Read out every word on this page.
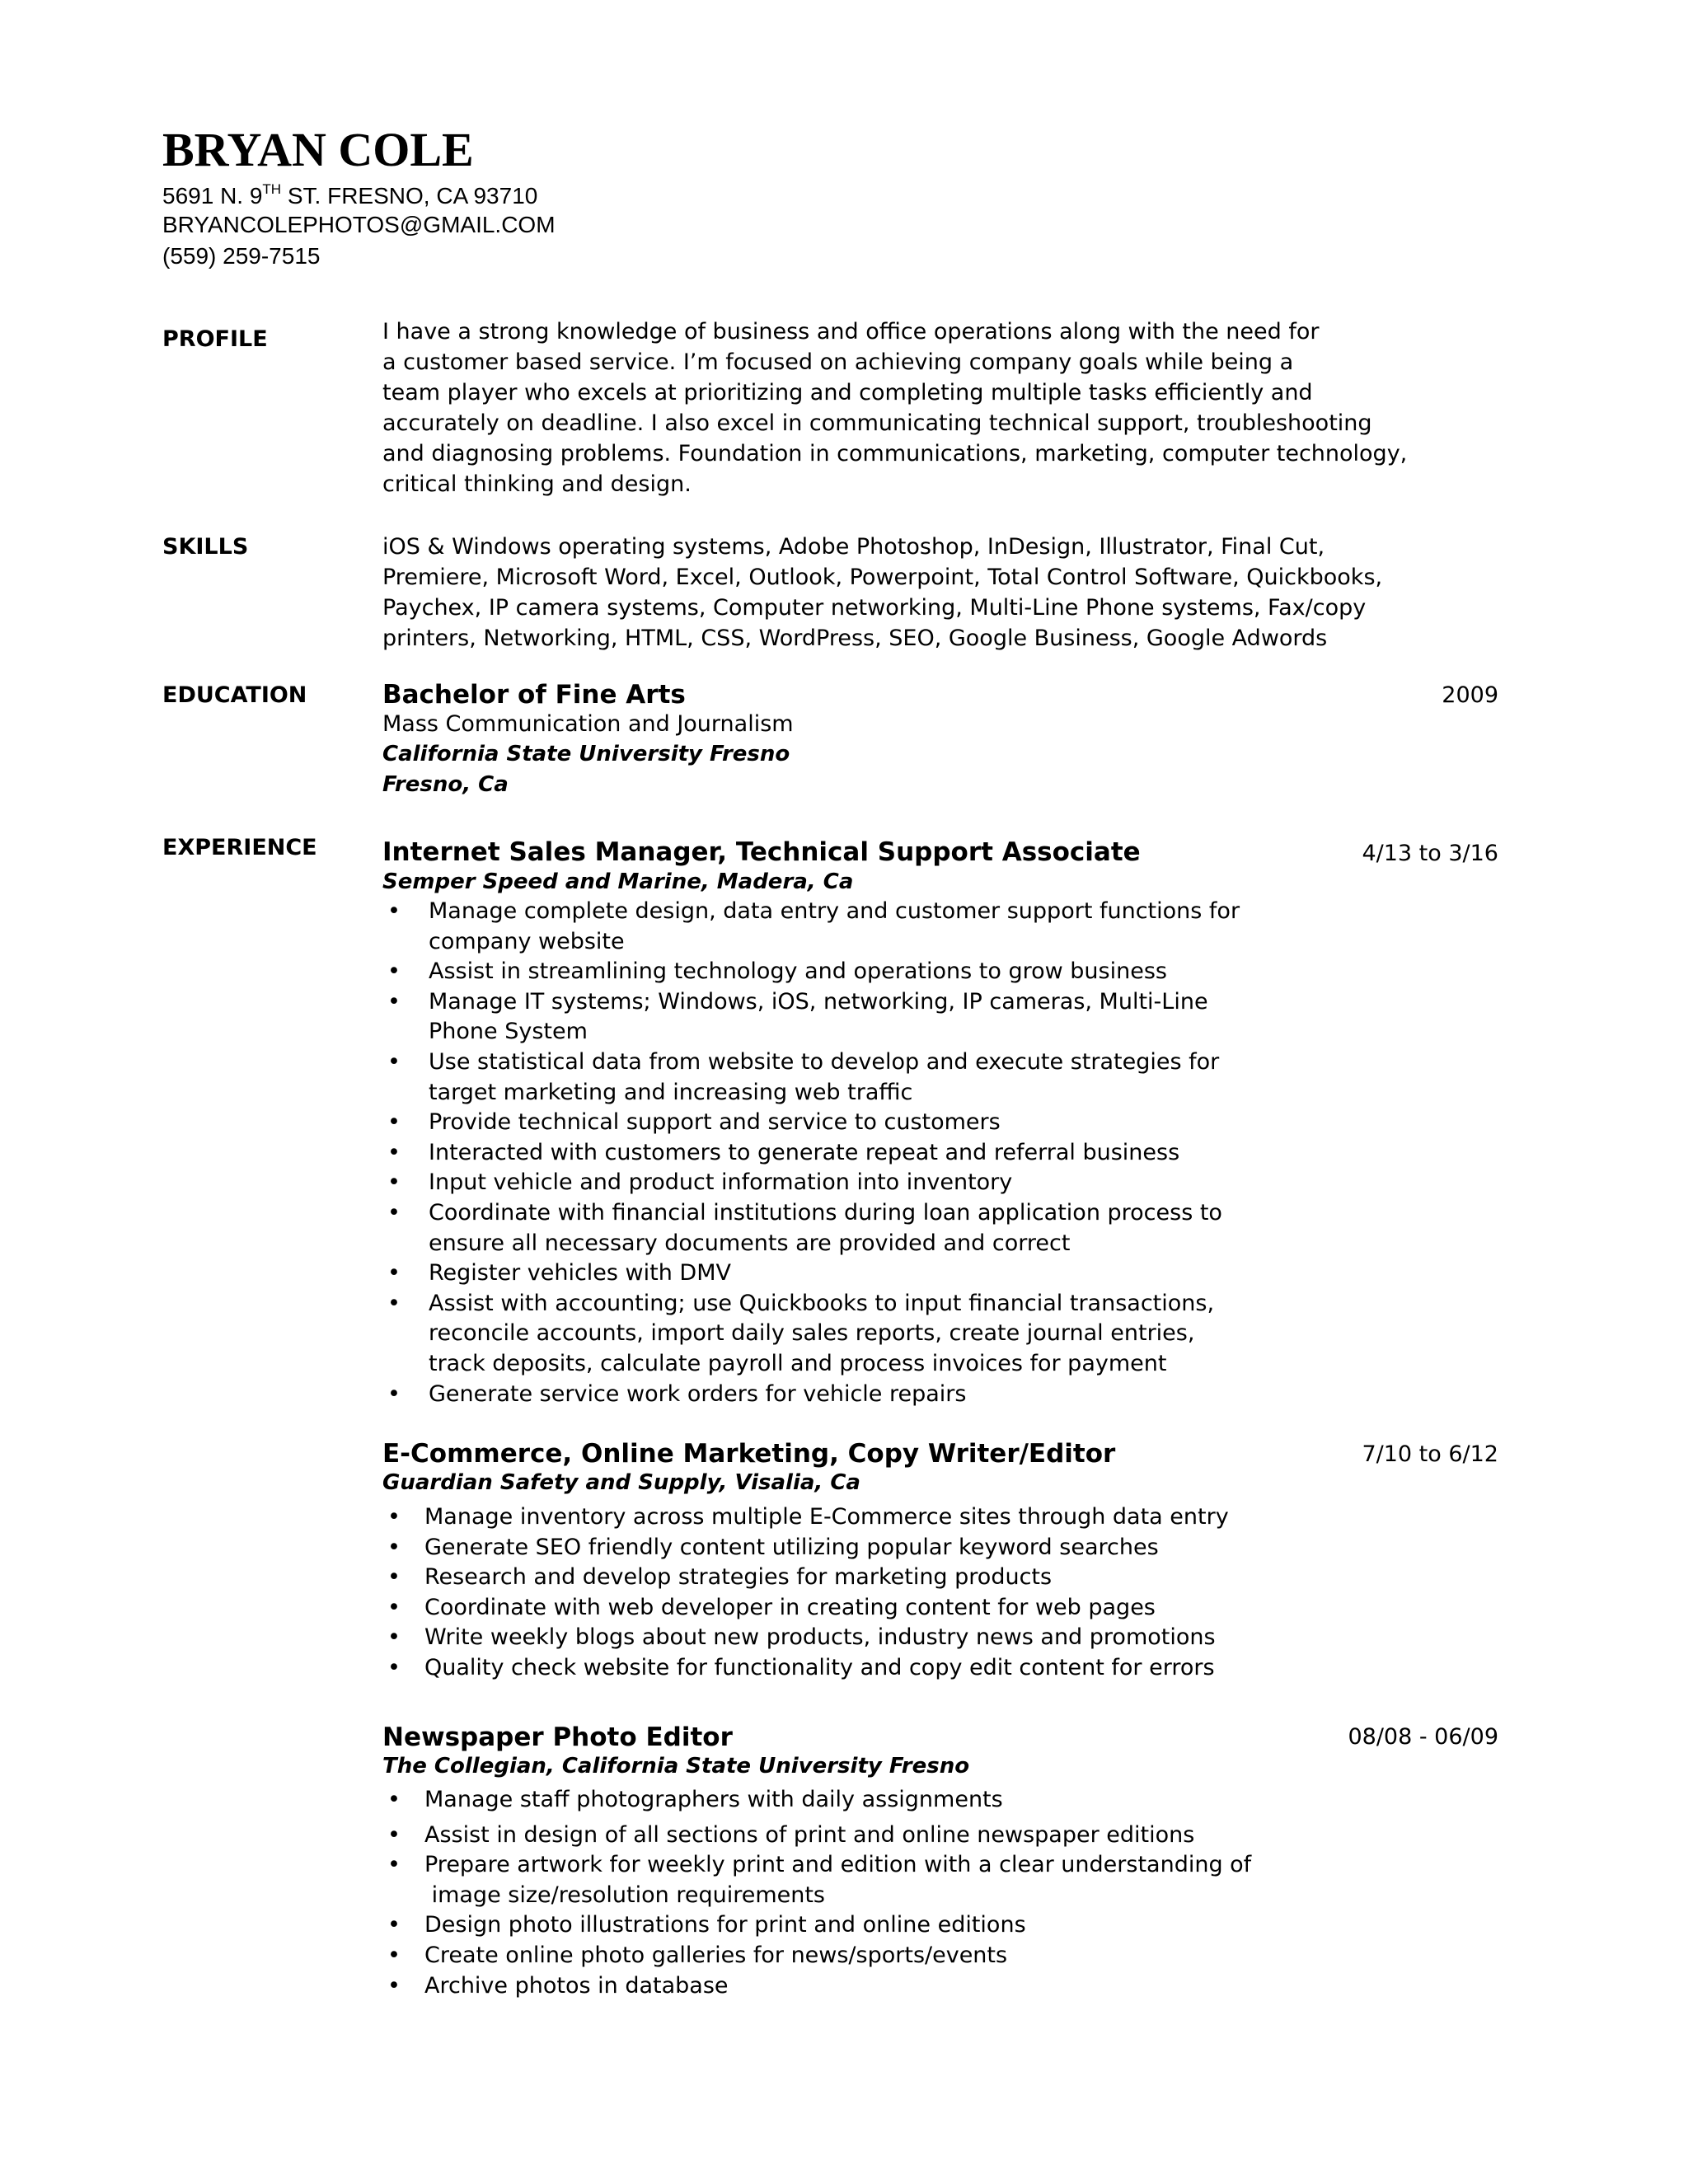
BRYAN COLE
5691 N. 9TH ST. FRESNO, CA 93710
BRYANCOLEPHOTOS@GMAIL.COM
(559) 259-7515
PROFILE	I have a strong knowledge of business and office operations along with the need for
a customer based service. I’m focused on achieving company goals while being a
team player who excels at prioritizing and completing multiple tasks efficiently and
accurately on deadline. I also excel in communicating technical support, troubleshooting
and diagnosing problems. Foundation in communications, marketing, computer technology,
critical thinking and design.
SKILLS	iOS & Windows operating systems, Adobe Photoshop, InDesign, Illustrator, Final Cut,
Premiere, Microsoft Word, Excel, Outlook, Powerpoint, Total Control Software, Quickbooks,
Paychex, IP camera systems, Computer networking, Multi-Line Phone systems, Fax/copy
printers, Networking, HTML, CSS, WordPress, SEO, Google Business, Google Adwords
EDUCATION	Bachelor of Fine Arts	2009
Mass Communication and Journalism
California State University Fresno
Fresno, Ca
EXPERIENCE	Internet Sales Manager, Technical Support Associate	4/13 to 3/16
Semper Speed and Marine, Madera, Ca
• Manage complete design, data entry and customer support functions for
company website
• Assist in streamlining technology and operations to grow business
• Manage IT systems; Windows, iOS, networking, IP cameras, Multi-Line
Phone System
• Use statistical data from website to develop and execute strategies for
target marketing and increasing web traffic
• Provide technical support and service to customers
• Interacted with customers to generate repeat and referral business
• Input vehicle and product information into inventory
• Coordinate with financial institutions during loan application process to
ensure all necessary documents are provided and correct
• Register vehicles with DMV
• Assist with accounting; use Quickbooks to input financial transactions,
reconcile accounts, import daily sales reports, create journal entries,
track deposits, calculate payroll and process invoices for payment
• Generate service work orders for vehicle repairs
E-Commerce, Online Marketing, Copy Writer/Editor	7/10 to 6/12
Guardian Safety and Supply, Visalia, Ca
• Manage inventory across multiple E-Commerce sites through data entry
• Generate SEO friendly content utilizing popular keyword searches
• Research and develop strategies for marketing products
• Coordinate with web developer in creating content for web pages
• Write weekly blogs about new products, industry news and promotions
• Quality check website for functionality and copy edit content for errors
Newspaper Photo Editor	08/08 - 06/09
The Collegian, California State University Fresno
• Manage staff photographers with daily assignments
• Assist in design of all sections of print and online newspaper editions
• Prepare artwork for weekly print and edition with a clear understanding of
image size/resolution requirements
• Design photo illustrations for print and online editions
• Create online photo galleries for news/sports/events
• Archive photos in database
